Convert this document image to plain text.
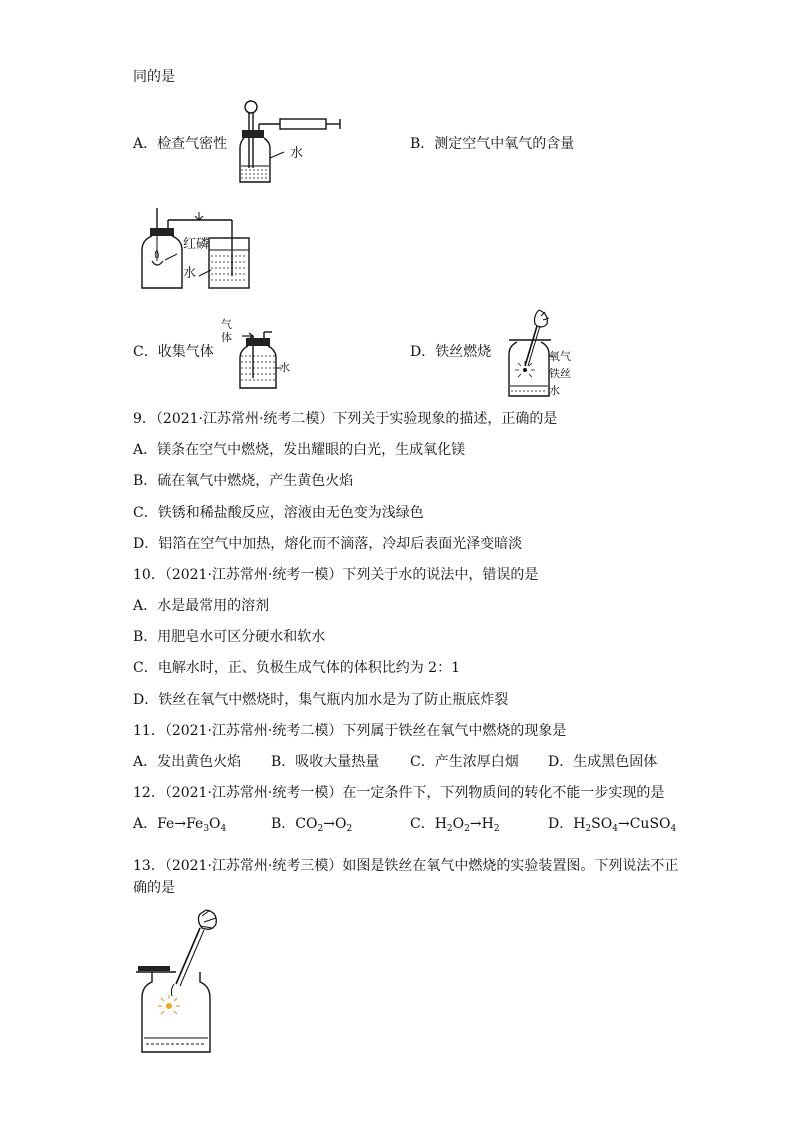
同的是
水
A．检查气密性	B．测定空气中氧气的含量
红磷
水
气
体
水
C．收集气体	D．铁丝燃烧	氧气
铁丝
水
9．（2021·江苏常州·统考二模）下列关于实验现象的描述，正确的是
A．镁条在空气中燃烧，发出耀眼的白光，生成氧化镁
B．硫在氧气中燃烧，产生黄色火焰
C．铁锈和稀盐酸反应，溶液由无色变为浅绿色
D．铝箔在空气中加热，熔化而不滴落，冷却后表面光泽变暗淡
10．（2021·江苏常州·统考一模）下列关于水的说法中，错误的是
A．水是最常用的溶剂
B．用肥皂水可区分硬水和软水
C．电解水时，正、负极生成气体的体积比约为 2：1
D．铁丝在氧气中燃烧时，集气瓶内加水是为了防止瓶底炸裂
11．（2021·江苏常州·统考二模）下列属于铁丝在氧气中燃烧的现象是
A．发出黄色火焰 B．吸收大量热量 C．产生浓厚白烟 D．生成黑色固体
12．（2021·江苏常州·统考一模）在一定条件下，下列物质间的转化不能一步实现的是
A．$Fe\to Fe_3O_4$	B．$CO_2\to O_2$	C．$H_2O_2\to H_2$	D．$H_2SO_4\to CuSO_4$
13．（2021·江苏常州·统考三模）如图是铁丝在氧气中燃烧的实验装置图。下列说法不正
确的是
